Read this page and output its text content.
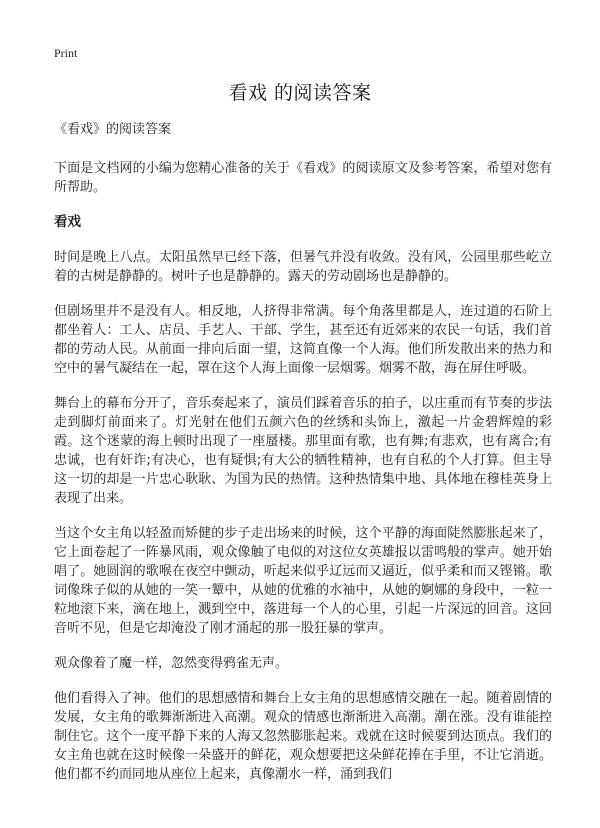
Print
看戏 的阅读答案

《看戏》的阅读答案

下面是文档网的小编为您精心准备的关于《看戏》的阅读原文及参考答案，希望对您有所帮助。

看戏

时间是晚上八点。太阳虽然早已经下落，但暑气并没有收敛。没有风，公园里那些屹立着的古树是静静的。树叶子也是静静的。露天的劳动剧场也是静静的。

但剧场里并不是没有人。相反地，人挤得非常满。每个角落里都是人，连过道的石阶上都坐着人：工人、店员、手艺人、干部、学生，甚至还有近郊来的农民一句话，我们首都的劳动人民。从前面一排向后面一望，这简直像一个人海。他们所发散出来的热力和空中的暑气凝结在一起，罩在这个人海上面像一层烟雾。烟雾不散，海在屏住呼吸。

舞台上的幕布分开了，音乐奏起来了，演员们踩着音乐的拍子，以庄重而有节奏的步法走到脚灯前面来了。灯光射在他们五颜六色的丝绣和头饰上，激起一片金碧辉煌的彩霞。这个迷蒙的海上顿时出现了一座蜃楼。那里面有歌，也有舞;有悲欢，也有离合;有忠诚，也有奸诈;有决心，也有疑惧;有大公的牺牲精神，也有自私的个人打算。但主导这一切的却是一片忠心耿耿、为国为民的热情。这种热情集中地、具体地在穆桂英身上表现了出来。

当这个女主角以轻盈而矫健的步子走出场来的时候，这个平静的海面陡然膨胀起来了，它上面卷起了一阵暴风雨，观众像触了电似的对这位女英雄报以雷鸣般的掌声。她开始唱了。她圆润的歌喉在夜空中颤动，听起来似乎辽远而又逼近，似乎柔和而又铿锵。歌词像珠子似的从她的一笑一颦中，从她的优雅的水袖中，从她的婀娜的身段中，一粒一粒地滚下来，滴在地上，溅到空中，落进每一个人的心里，引起一片深远的回音。这回音听不见，但是它却淹没了刚才涌起的那一股狂暴的掌声。

观众像着了魔一样，忽然变得鸦雀无声。

他们看得入了神。他们的思想感情和舞台上女主角的思想感情交融在一起。随着剧情的发展，女主角的歌舞渐渐进入高潮。观众的情感也渐渐进入高潮。潮在涨。没有谁能控制住它。这个一度平静下来的人海又忽然膨胀起来。戏就在这时候要到达顶点。我们的女主角也就在这时候像一朵盛开的鲜花，观众想要把这朵鲜花捧在手里，不让它消逝。他们都不约而同地从座位上起来，真像潮水一样，涌到我们
